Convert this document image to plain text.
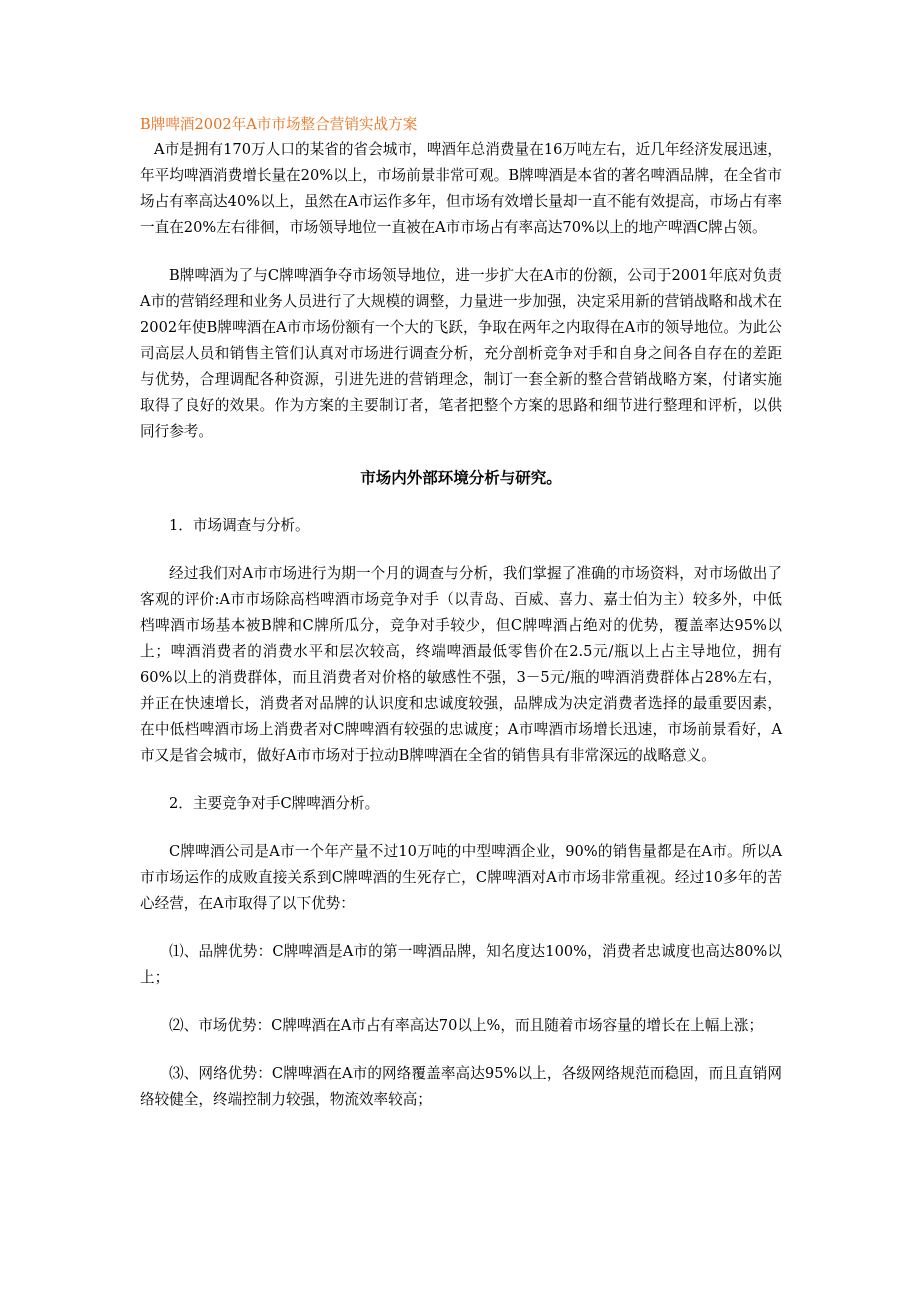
B牌啤酒2002年A市市场整合营销实战方案

A市是拥有170万人口的某省的省会城市，啤酒年总消费量在16万吨左右，近几年经济发展迅速，年平均啤酒消费增长量在20%以上，市场前景非常可观。B牌啤酒是本省的著名啤酒品牌，在全省市场占有率高达40%以上，虽然在A市运作多年，但市场有效增长量却一直不能有效提高，市场占有率一直在20%左右徘徊，市场领导地位一直被在A市市场占有率高达70%以上的地产啤酒C牌占领。

B牌啤酒为了与C牌啤酒争夺市场领导地位，进一步扩大在A市的份额，公司于2001年底对负责A市的营销经理和业务人员进行了大规模的调整，力量进一步加强，决定采用新的营销战略和战术在2002年使B牌啤酒在A市市场份额有一个大的飞跃，争取在两年之内取得在A市的领导地位。为此公司高层人员和销售主管们认真对市场进行调查分析，充分剖析竞争对手和自身之间各自存在的差距与优势，合理调配各种资源，引进先进的营销理念，制订一套全新的整合营销战略方案，付诸实施取得了良好的效果。作为方案的主要制订者，笔者把整个方案的思路和细节进行整理和评析，以供同行参考。

市场内外部环境分析与研究。

1．市场调查与分析。

经过我们对A市市场进行为期一个月的调查与分析，我们掌握了准确的市场资料，对市场做出了客观的评价:A市市场除高档啤酒市场竞争对手（以青岛、百威、喜力、嘉士伯为主）较多外，中低档啤酒市场基本被B牌和C牌所瓜分，竞争对手较少，但C牌啤酒占绝对的优势，覆盖率达95%以上；啤酒消费者的消费水平和层次较高，终端啤酒最低零售价在2.5元/瓶以上占主导地位，拥有60%以上的消费群体，而且消费者对价格的敏感性不强，3－5元/瓶的啤酒消费群体占28%左右，并正在快速增长，消费者对品牌的认识度和忠诚度较强，品牌成为决定消费者选择的最重要因素，在中低档啤酒市场上消费者对C牌啤酒有较强的忠诚度；A市啤酒市场增长迅速，市场前景看好，A市又是省会城市，做好A市市场对于拉动B牌啤酒在全省的销售具有非常深远的战略意义。

2．主要竞争对手C牌啤酒分析。

C牌啤酒公司是A市一个年产量不过10万吨的中型啤酒企业，90%的销售量都是在A市。所以A市市场运作的成败直接关系到C牌啤酒的生死存亡，C牌啤酒对A市市场非常重视。经过10多年的苦心经营，在A市取得了以下优势：

⑴、品牌优势：C牌啤酒是A市的第一啤酒品牌，知名度达100%，消费者忠诚度也高达80%以上；

⑵、市场优势：C牌啤酒在A市占有率高达70以上%，而且随着市场容量的增长在上幅上涨；

⑶、网络优势：C牌啤酒在A市的网络覆盖率高达95%以上，各级网络规范而稳固，而且直销网络较健全，终端控制力较强，物流效率较高；
